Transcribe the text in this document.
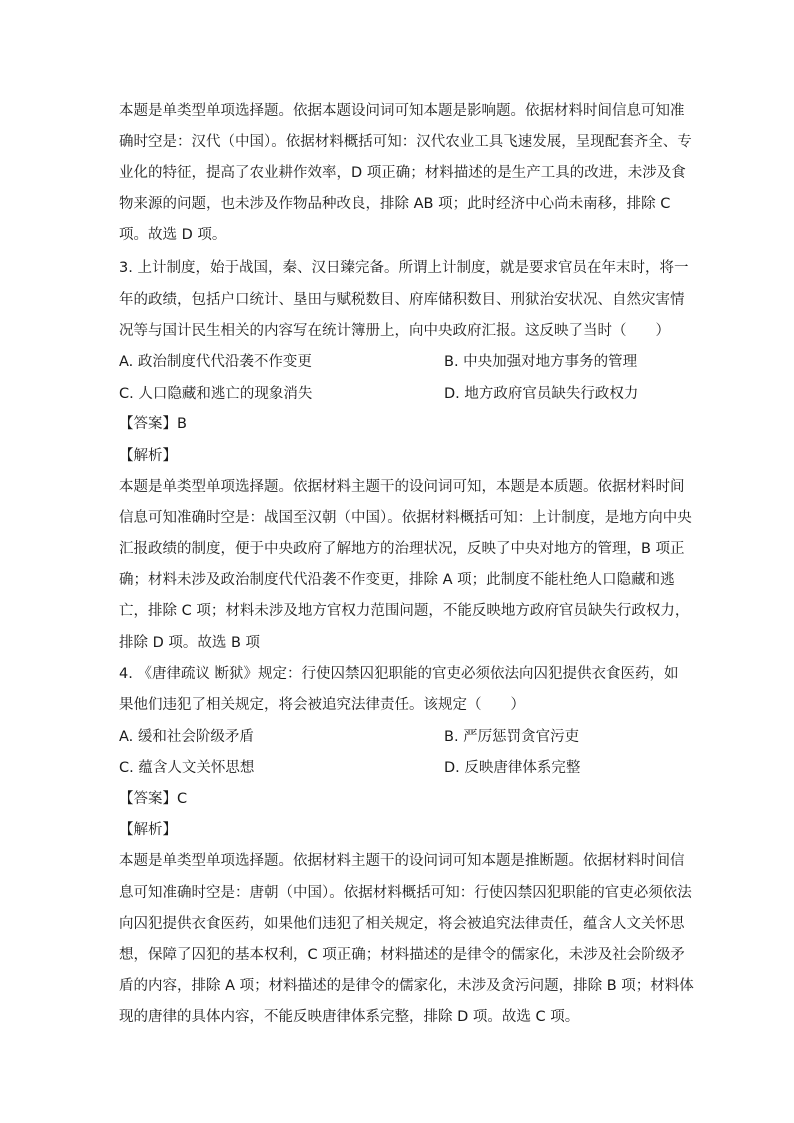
本题是单类型单项选择题。依据本题设问词可知本题是影响题。依据材料时间信息可知准
确时空是：汉代（中国）。依据材料概括可知：汉代农业工具飞速发展，呈现配套齐全、专
业化的特征，提高了农业耕作效率，D 项正确；材料描述的是生产工具的改进，未涉及食
物来源的问题，也未涉及作物品种改良，排除 AB 项；此时经济中心尚未南移，排除 C
项。故选 D 项。
3. 上计制度，始于战国，秦、汉日臻完备。所谓上计制度，就是要求官员在年末时，将一
年的政绩，包括户口统计、垦田与赋税数目、府库储积数目、刑狱治安状况、自然灾害情
况等与国计民生相关的内容写在统计簿册上，向中央政府汇报。这反映了当时（　　）
A. 政治制度代代沿袭不作变更	B. 中央加强对地方事务的管理
C. 人口隐藏和逃亡的现象消失	D. 地方政府官员缺失行政权力
【答案】B
【解析】
本题是单类型单项选择题。依据材料主题干的设问词可知，本题是本质题。依据材料时间
信息可知准确时空是：战国至汉朝（中国）。依据材料概括可知：上计制度，是地方向中央
汇报政绩的制度，便于中央政府了解地方的治理状况，反映了中央对地方的管理，B 项正
确；材料未涉及政治制度代代沿袭不作变更，排除 A 项；此制度不能杜绝人口隐藏和逃
亡，排除 C 项；材料未涉及地方官权力范围问题，不能反映地方政府官员缺失行政权力，
排除 D 项。故选 B 项
4. 《唐律疏议 断狱》规定：行使囚禁囚犯职能的官吏必须依法向囚犯提供衣食医药，如
果他们违犯了相关规定，将会被追究法律责任。该规定（　　）
A. 缓和社会阶级矛盾	B. 严厉惩罚贪官污吏
C. 蕴含人文关怀思想	D. 反映唐律体系完整
【答案】C
【解析】
本题是单类型单项选择题。依据材料主题干的设问词可知本题是推断题。依据材料时间信
息可知准确时空是：唐朝（中国）。依据材料概括可知：行使囚禁囚犯职能的官吏必须依法
向囚犯提供衣食医药，如果他们违犯了相关规定，将会被追究法律责任，蕴含人文关怀思
想，保障了囚犯的基本权利，C 项正确；材料描述的是律令的儒家化，未涉及社会阶级矛
盾的内容，排除 A 项；材料描述的是律令的儒家化，未涉及贪污问题，排除 B 项；材料体
现的唐律的具体内容，不能反映唐律体系完整，排除 D 项。故选 C 项。
